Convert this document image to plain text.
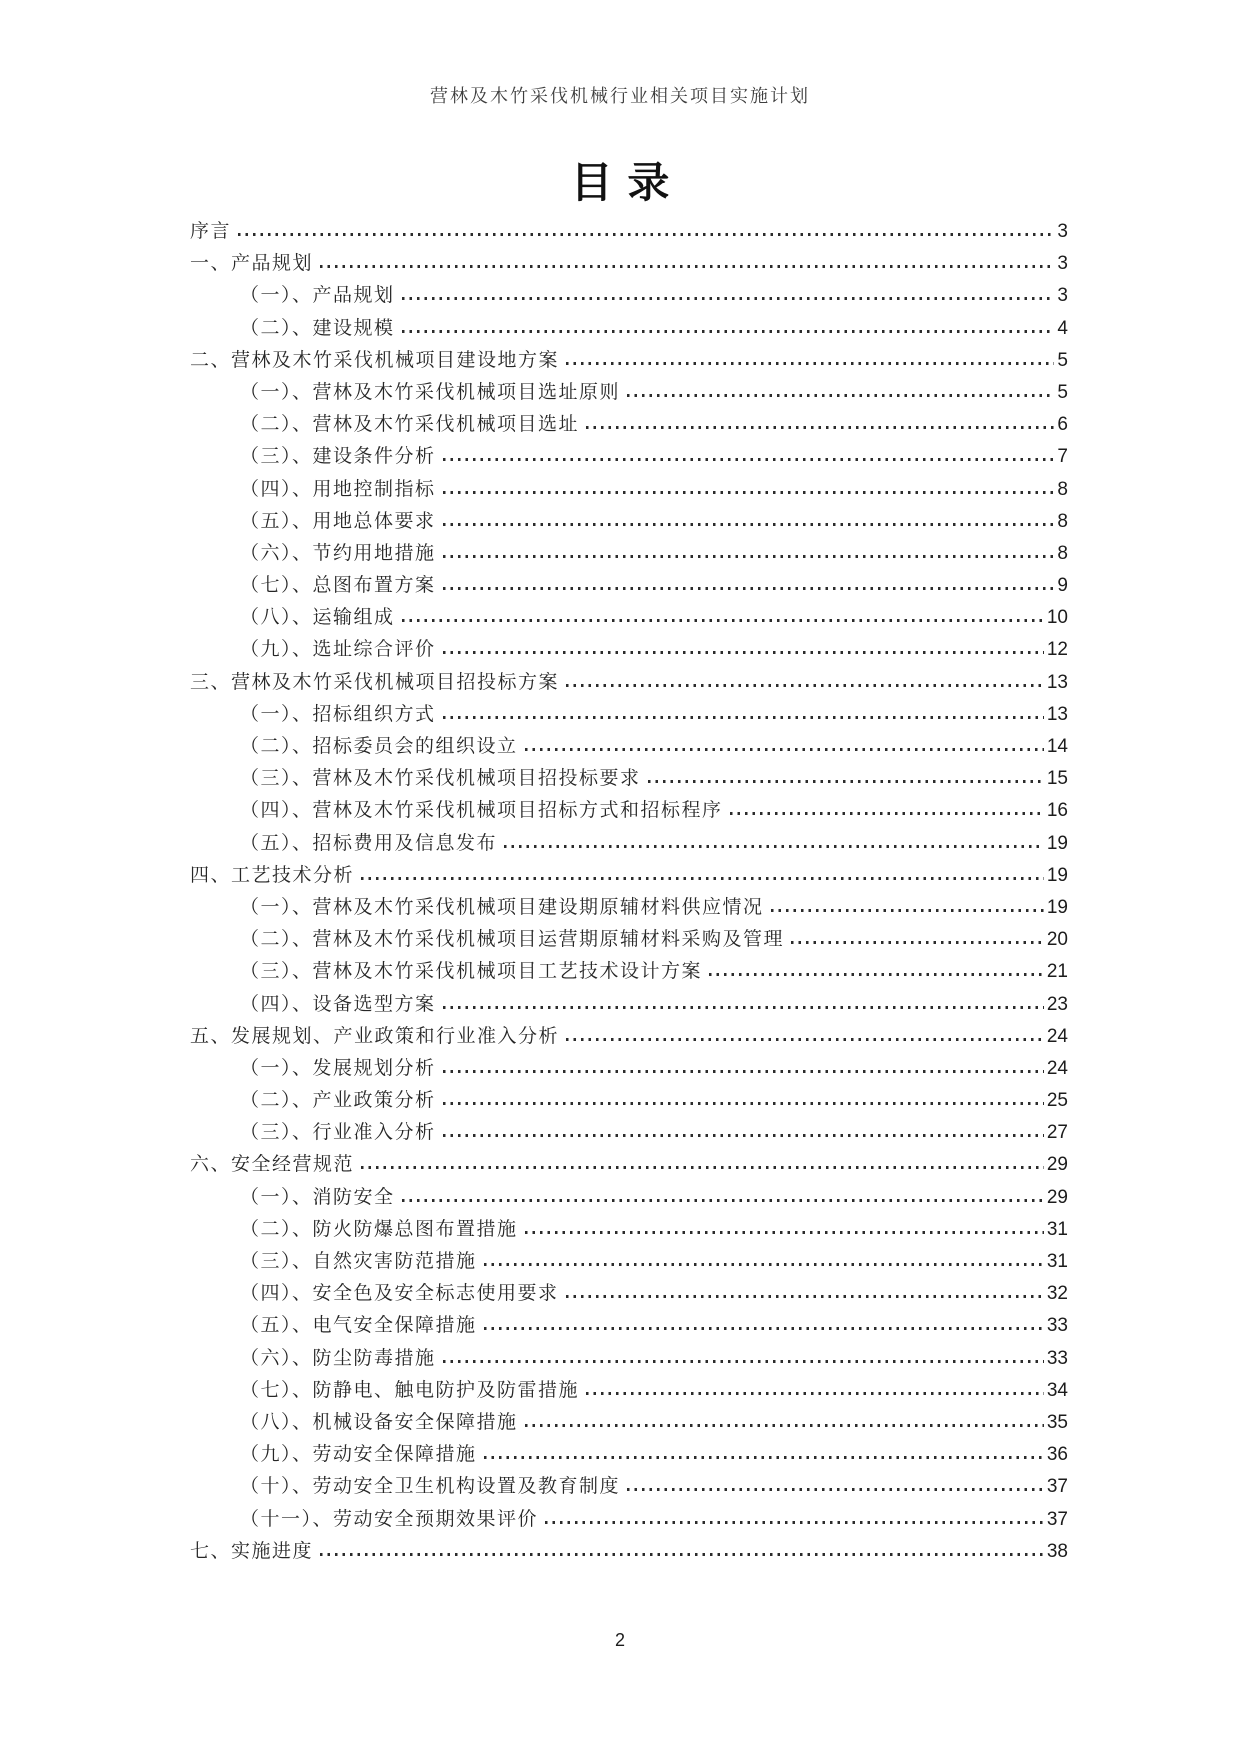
营林及木竹采伐机械行业相关项目实施计划
目录
序言	3
一、产品规划	3
（一）、产品规划	3
（二）、建设规模	4
二、营林及木竹采伐机械项目建设地方案	5
（一）、营林及木竹采伐机械项目选址原则	5
（二）、营林及木竹采伐机械项目选址	6
（三）、建设条件分析	7
（四）、用地控制指标	8
（五）、用地总体要求	8
（六）、节约用地措施	8
（七）、总图布置方案	9
（八）、运输组成	10
（九）、选址综合评价	12
三、营林及木竹采伐机械项目招投标方案	13
（一）、招标组织方式	13
（二）、招标委员会的组织设立	14
（三）、营林及木竹采伐机械项目招投标要求	15
（四）、营林及木竹采伐机械项目招标方式和招标程序	16
（五）、招标费用及信息发布	19
四、工艺技术分析	19
（一）、营林及木竹采伐机械项目建设期原辅材料供应情况	19
（二）、营林及木竹采伐机械项目运营期原辅材料采购及管理	20
（三）、营林及木竹采伐机械项目工艺技术设计方案	21
（四）、设备选型方案	23
五、发展规划、产业政策和行业准入分析	24
（一）、发展规划分析	24
（二）、产业政策分析	25
（三）、行业准入分析	27
六、安全经营规范	29
（一）、消防安全	29
（二）、防火防爆总图布置措施	31
（三）、自然灾害防范措施	31
（四）、安全色及安全标志使用要求	32
（五）、电气安全保障措施	33
（六）、防尘防毒措施	33
（七）、防静电、触电防护及防雷措施	34
（八）、机械设备安全保障措施	35
（九）、劳动安全保障措施	36
（十）、劳动安全卫生机构设置及教育制度	37
（十一）、劳动安全预期效果评价	37
七、实施进度	38
2
